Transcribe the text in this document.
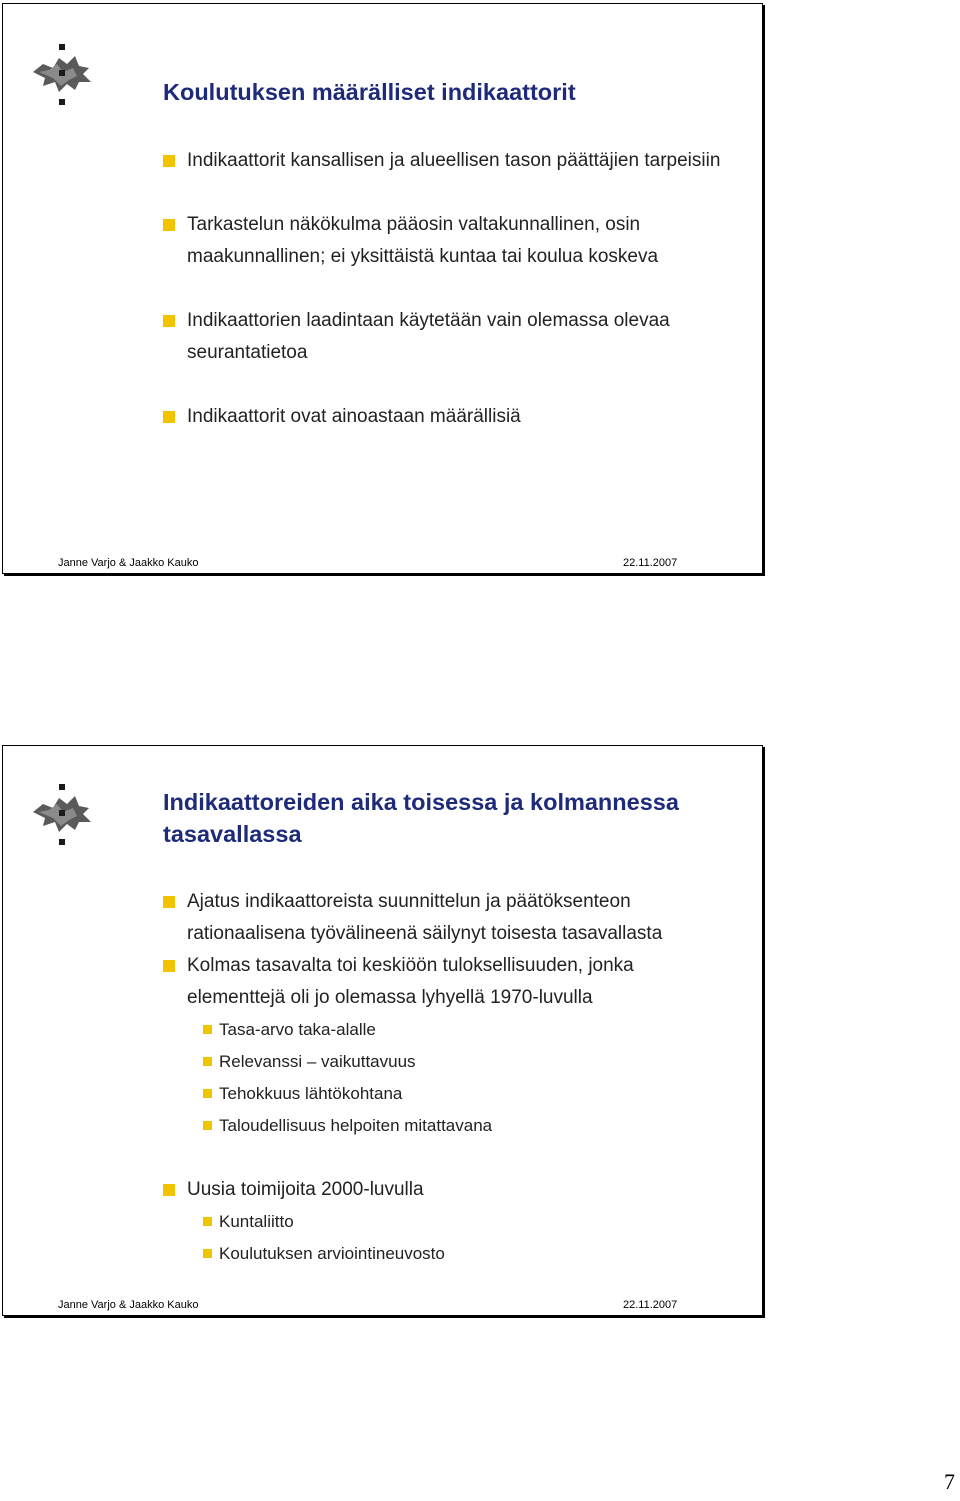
Koulutuksen määrälliset indikaattorit
Indikaattorit kansallisen ja alueellisen tason päättäjien tarpeisiin
Tarkastelun näkökulma pääosin valtakunnallinen, osin maakunnallinen; ei yksittäistä kuntaa tai koulua koskeva
Indikaattorien laadintaan käytetään vain olemassa olevaa seurantatietoa
Indikaattorit ovat ainoastaan määrällisiä
Janne Varjo & Jaakko Kauko	22.11.2007
Indikaattoreiden aika toisessa ja kolmannessa tasavallassa
Ajatus indikaattoreista suunnittelun ja päätöksenteon rationaalisena työvälineenä säilynyt toisesta tasavallasta
Kolmas tasavalta toi keskiöön tuloksellisuuden, jonka elementtejä oli jo olemassa lyhyellä 1970-luvulla
Tasa-arvo taka-alalle
Relevanssi – vaikuttavuus
Tehokkuus lähtökohtana
Taloudellisuus helpoiten mitattavana
Uusia toimijoita 2000-luvulla
Kuntaliitto
Koulutuksen arviointineuvosto
Janne Varjo & Jaakko Kauko	22.11.2007
7
